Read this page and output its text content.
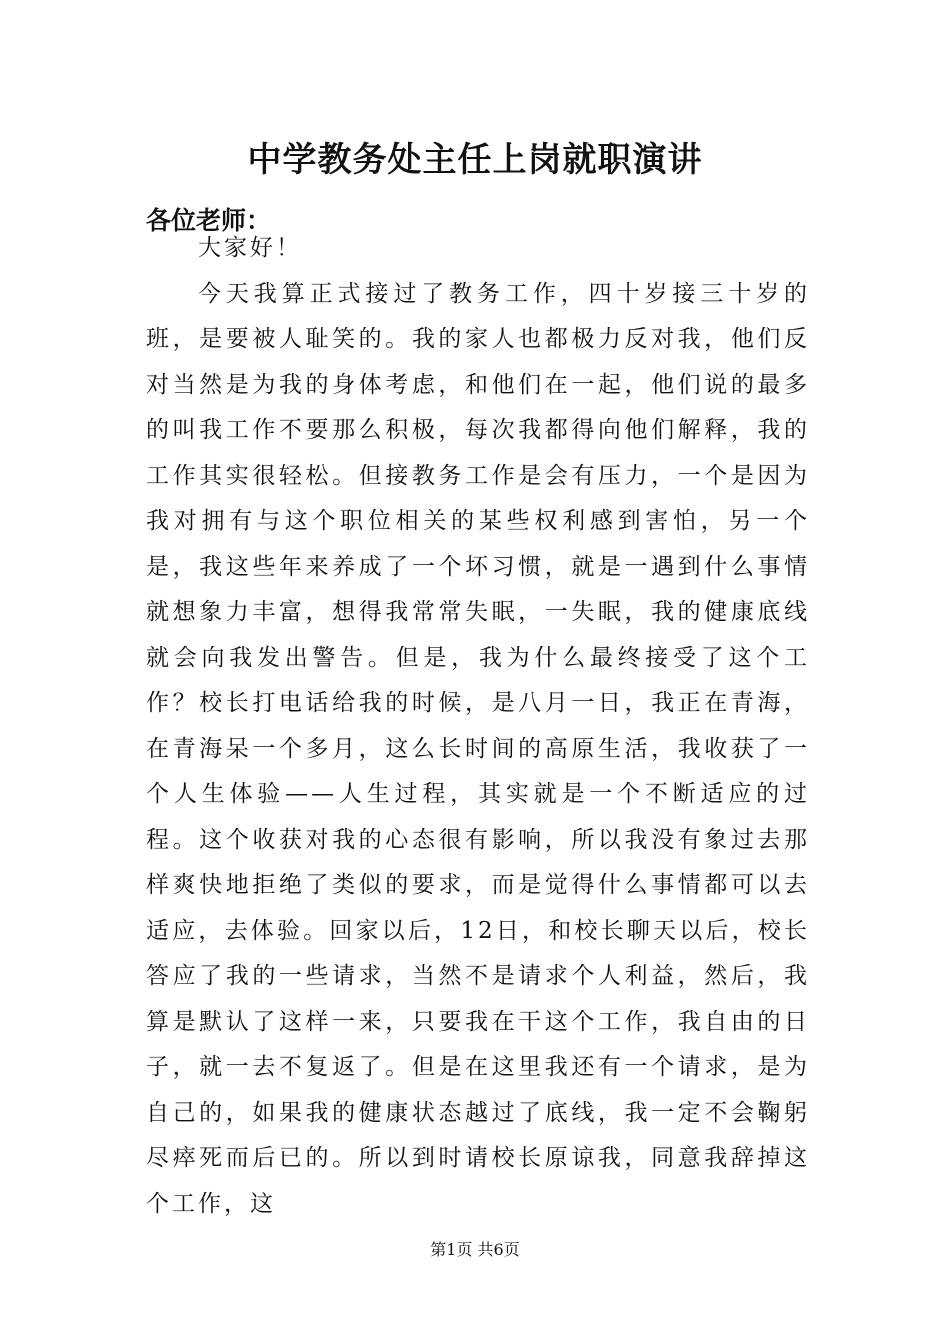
中学教务处主任上岗就职演讲
各位老师：

大家好！

今天我算正式接过了教务工作，四十岁接三十岁的班，是要被人耻笑的。我的家人也都极力反对我，他们反对当然是为我的身体考虑，和他们在一起，他们说的最多的叫我工作不要那么积极，每次我都得向他们解释，我的工作其实很轻松。但接教务工作是会有压力，一个是因为我对拥有与这个职位相关的某些权利感到害怕，另一个是，我这些年来养成了一个坏习惯，就是一遇到什么事情就想象力丰富，想得我常常失眠，一失眠，我的健康底线就会向我发出警告。但是，我为什么最终接受了这个工作？校长打电话给我的时候，是八月一日，我正在青海，在青海呆一个多月，这么长时间的高原生活，我收获了一个人生体验——人生过程，其实就是一个不断适应的过程。这个收获对我的心态很有影响，所以我没有象过去那样爽快地拒绝了类似的要求，而是觉得什么事情都可以去适应，去体验。回家以后，12日，和校长聊天以后，校长答应了我的一些请求，当然不是请求个人利益，然后，我算是默认了这样一来，只要我在干这个工作，我自由的日子，就一去不复返了。但是在这里我还有一个请求，是为自己的，如果我的健康状态越过了底线，我一定不会鞠躬尽瘁死而后已的。所以到时请校长原谅我，同意我辞掉这个工作，这

第1页 共6页
